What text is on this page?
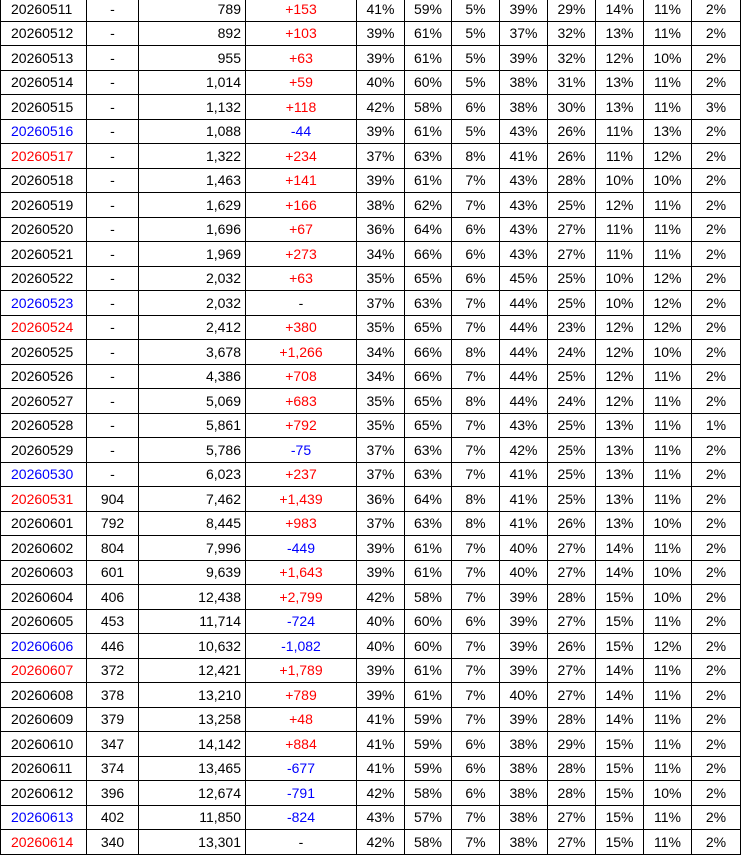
20260511	-	789	+153	41%	59%	5%	39%	29%	14%	11%	2%
20260512	-	892	+103	39%	61%	5%	37%	32%	13%	11%	2%
20260513	-	955	+63	39%	61%	5%	39%	32%	12%	10%	2%
20260514	-	1,014	+59	40%	60%	5%	38%	31%	13%	11%	2%
20260515	-	1,132	+118	42%	58%	6%	38%	30%	13%	11%	3%
20260516	-	1,088	-44	39%	61%	5%	43%	26%	11%	13%	2%
20260517	-	1,322	+234	37%	63%	8%	41%	26%	11%	12%	2%
20260518	-	1,463	+141	39%	61%	7%	43%	28%	10%	10%	2%
20260519	-	1,629	+166	38%	62%	7%	43%	25%	12%	11%	2%
20260520	-	1,696	+67	36%	64%	6%	43%	27%	11%	11%	2%
20260521	-	1,969	+273	34%	66%	6%	43%	27%	11%	11%	2%
20260522	-	2,032	+63	35%	65%	6%	45%	25%	10%	12%	2%
20260523	-	2,032	-	37%	63%	7%	44%	25%	10%	12%	2%
20260524	-	2,412	+380	35%	65%	7%	44%	23%	12%	12%	2%
20260525	-	3,678	+1,266	34%	66%	8%	44%	24%	12%	10%	2%
20260526	-	4,386	+708	34%	66%	7%	44%	25%	12%	11%	2%
20260527	-	5,069	+683	35%	65%	8%	44%	24%	12%	11%	2%
20260528	-	5,861	+792	35%	65%	7%	43%	25%	13%	11%	1%
20260529	-	5,786	-75	37%	63%	7%	42%	25%	13%	11%	2%
20260530	-	6,023	+237	37%	63%	7%	41%	25%	13%	11%	2%
20260531	904	7,462	+1,439	36%	64%	8%	41%	25%	13%	11%	2%
20260601	792	8,445	+983	37%	63%	8%	41%	26%	13%	10%	2%
20260602	804	7,996	-449	39%	61%	7%	40%	27%	14%	11%	2%
20260603	601	9,639	+1,643	39%	61%	7%	40%	27%	14%	10%	2%
20260604	406	12,438	+2,799	42%	58%	7%	39%	28%	15%	10%	2%
20260605	453	11,714	-724	40%	60%	6%	39%	27%	15%	11%	2%
20260606	446	10,632	-1,082	40%	60%	7%	39%	26%	15%	12%	2%
20260607	372	12,421	+1,789	39%	61%	7%	39%	27%	14%	11%	2%
20260608	378	13,210	+789	39%	61%	7%	40%	27%	14%	11%	2%
20260609	379	13,258	+48	41%	59%	7%	39%	28%	14%	11%	2%
20260610	347	14,142	+884	41%	59%	6%	38%	29%	15%	11%	2%
20260611	374	13,465	-677	41%	59%	6%	38%	28%	15%	11%	2%
20260612	396	12,674	-791	42%	58%	6%	38%	28%	15%	10%	2%
20260613	402	11,850	-824	43%	57%	7%	38%	27%	15%	11%	2%
20260614	340	13,301	-	42%	58%	7%	38%	27%	15%	11%	2%
